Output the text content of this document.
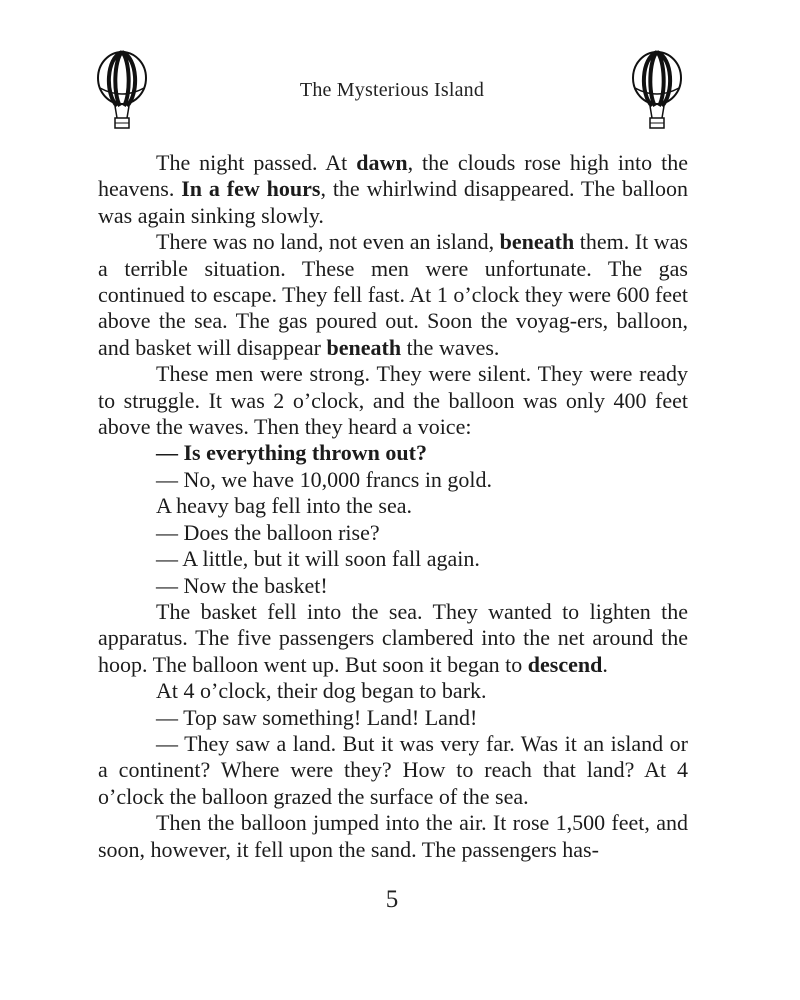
The Mysterious Island

The night passed. At dawn, the clouds rose high into the heavens. In a few hours, the whirlwind disappeared. The balloon was again sinking slowly.

There was no land, not even an island, beneath them. It was a terrible situation. These men were unfortunate. The gas continued to escape. They fell fast. At 1 o’clock they were 600 feet above the sea. The gas poured out. Soon the voyag-ers, balloon, and basket will disappear beneath the waves.

These men were strong. They were silent. They were ready to struggle. It was 2 o’clock, and the balloon was only 400 feet above the waves. Then they heard a voice:

— Is everything thrown out?

— No, we have 10,000 francs in gold.

A heavy bag fell into the sea.

— Does the balloon rise?

— A little, but it will soon fall again.

— Now the basket!

The basket fell into the sea. They wanted to lighten the apparatus. The five passengers clambered into the net around the hoop. The balloon went up. But soon it began to descend.

At 4 o’clock, their dog began to bark.

— Top saw something! Land! Land!

— They saw a land. But it was very far. Was it an island or a continent? Where were they? How to reach that land? At 4 o’clock the balloon grazed the surface of the sea.

Then the balloon jumped into the air. It rose 1,500 feet, and soon, however, it fell upon the sand. The passengers has-

5
